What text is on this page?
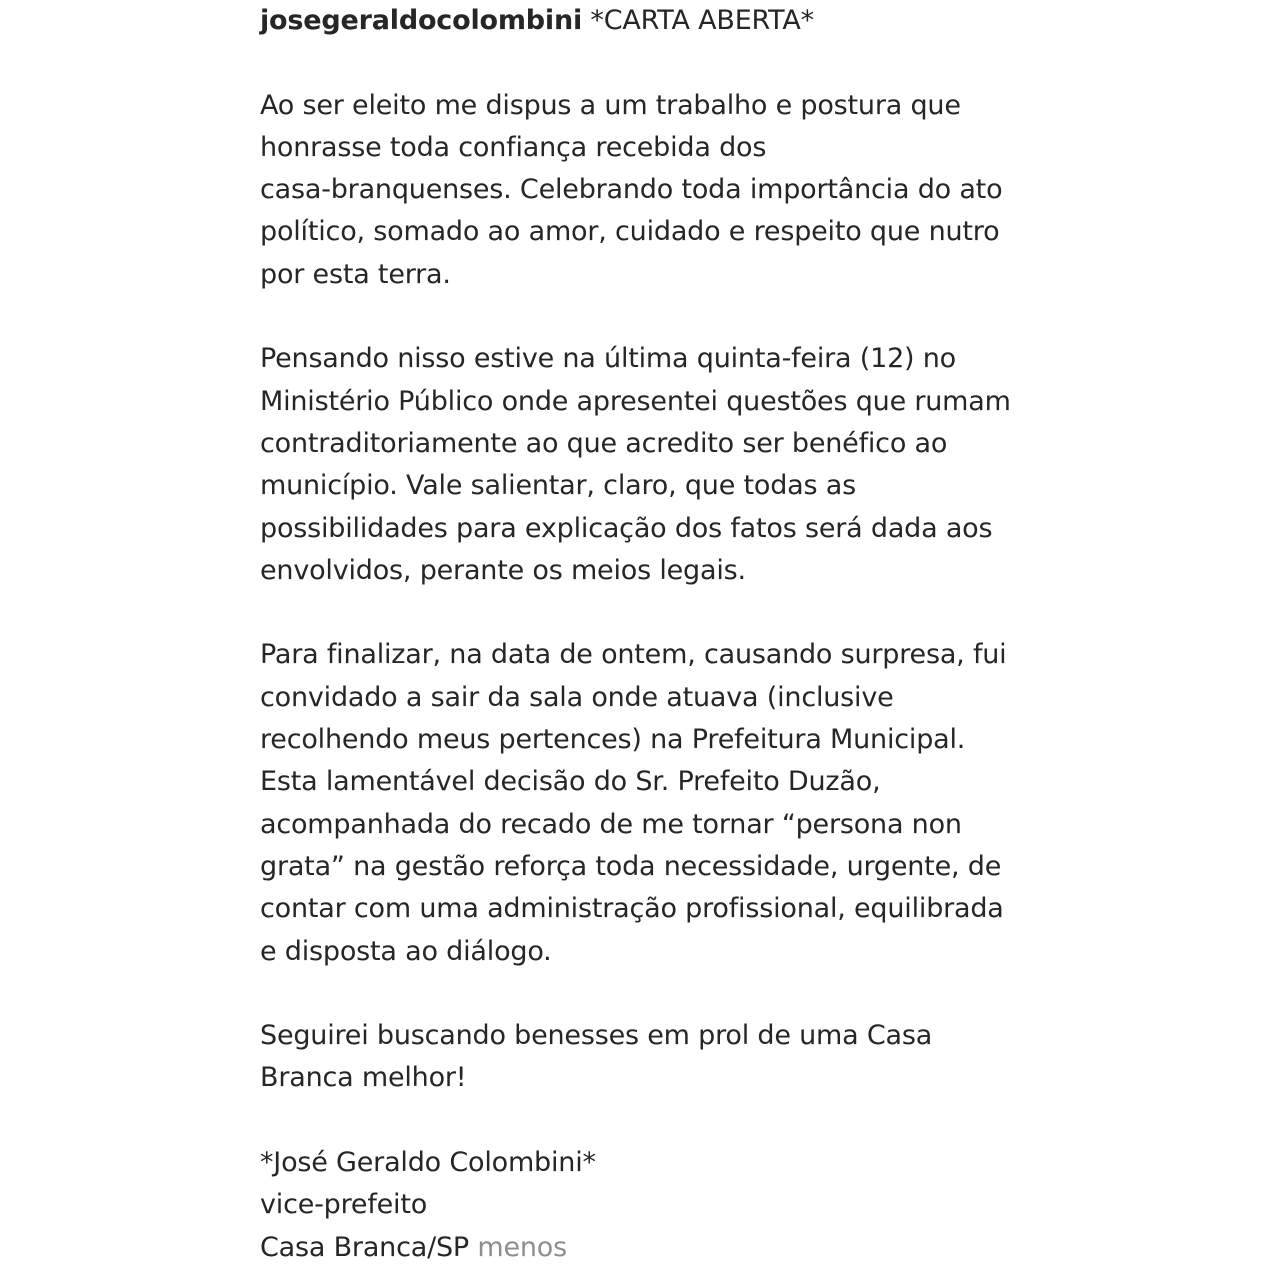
josegeraldocolombini *CARTA ABERTA*
Ao ser eleito me dispus a um trabalho e postura que
honrasse toda confiança recebida dos
casa-branquenses. Celebrando toda importância do ato
político, somado ao amor, cuidado e respeito que nutro
por esta terra.
Pensando nisso estive na última quinta-feira (12) no
Ministério Público onde apresentei questões que rumam
contraditoriamente ao que acredito ser benéfico ao
município. Vale salientar, claro, que todas as
possibilidades para explicação dos fatos será dada aos
envolvidos, perante os meios legais.
Para finalizar, na data de ontem, causando surpresa, fui
convidado a sair da sala onde atuava (inclusive
recolhendo meus pertences) na Prefeitura Municipal.
Esta lamentável decisão do Sr. Prefeito Duzão,
acompanhada do recado de me tornar “persona non
grata” na gestão reforça toda necessidade, urgente, de
contar com uma administração profissional, equilibrada
e disposta ao diálogo.
Seguirei buscando benesses em prol de uma Casa
Branca melhor!
*José Geraldo Colombini*
vice-prefeito
Casa Branca/SP menos
